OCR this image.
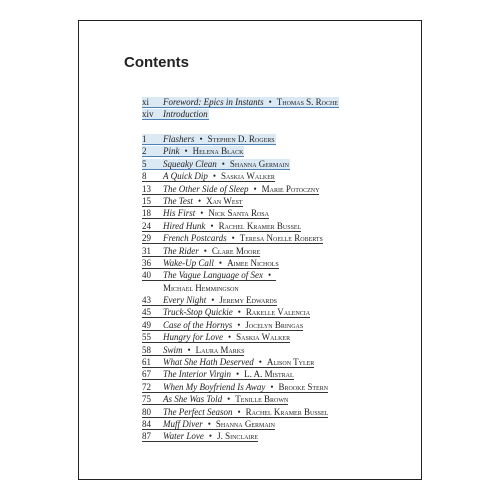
Contents
xi Foreword: Epics in Instants • Thomas S. Roche
xiv Introduction
1 Flashers • Stephen D. Rogers
2 Pink • Helena Black
5 Squeaky Clean • Shanna Germain
8 A Quick Dip • Saskia Walker
13 The Other Side of Sleep • Marie Potoczny
15 The Test • Xan West
18 His First • Nick Santa Rosa
24 Hired Hunk • Rachel Kramer Bussel
29 French Postcards • Teresa Noelle Roberts
31 The Rider • Clare Moore
36 Wake-Up Call • Aimee Nichols
40 The Vague Language of Sex •
Michael Hemmingson
43 Every Night • Jeremy Edwards
45 Truck-Stop Quickie • Rakelle Valencia
49 Case of the Hornys • Jocelyn Bringas
55 Hungry for Love • Saskia Walker
58 Swim • Laura Marks
61 What She Hath Deserved • Alison Tyler
67 The Interior Virgin • L. A. Mistral
72 When My Boyfriend Is Away • Brooke Stern
75 As She Was Told • Tenille Brown
80 The Perfect Season • Rachel Kramer Bussel
84 Muff Diver • Shanna Germain
87 Water Love • J. Sinclaire
